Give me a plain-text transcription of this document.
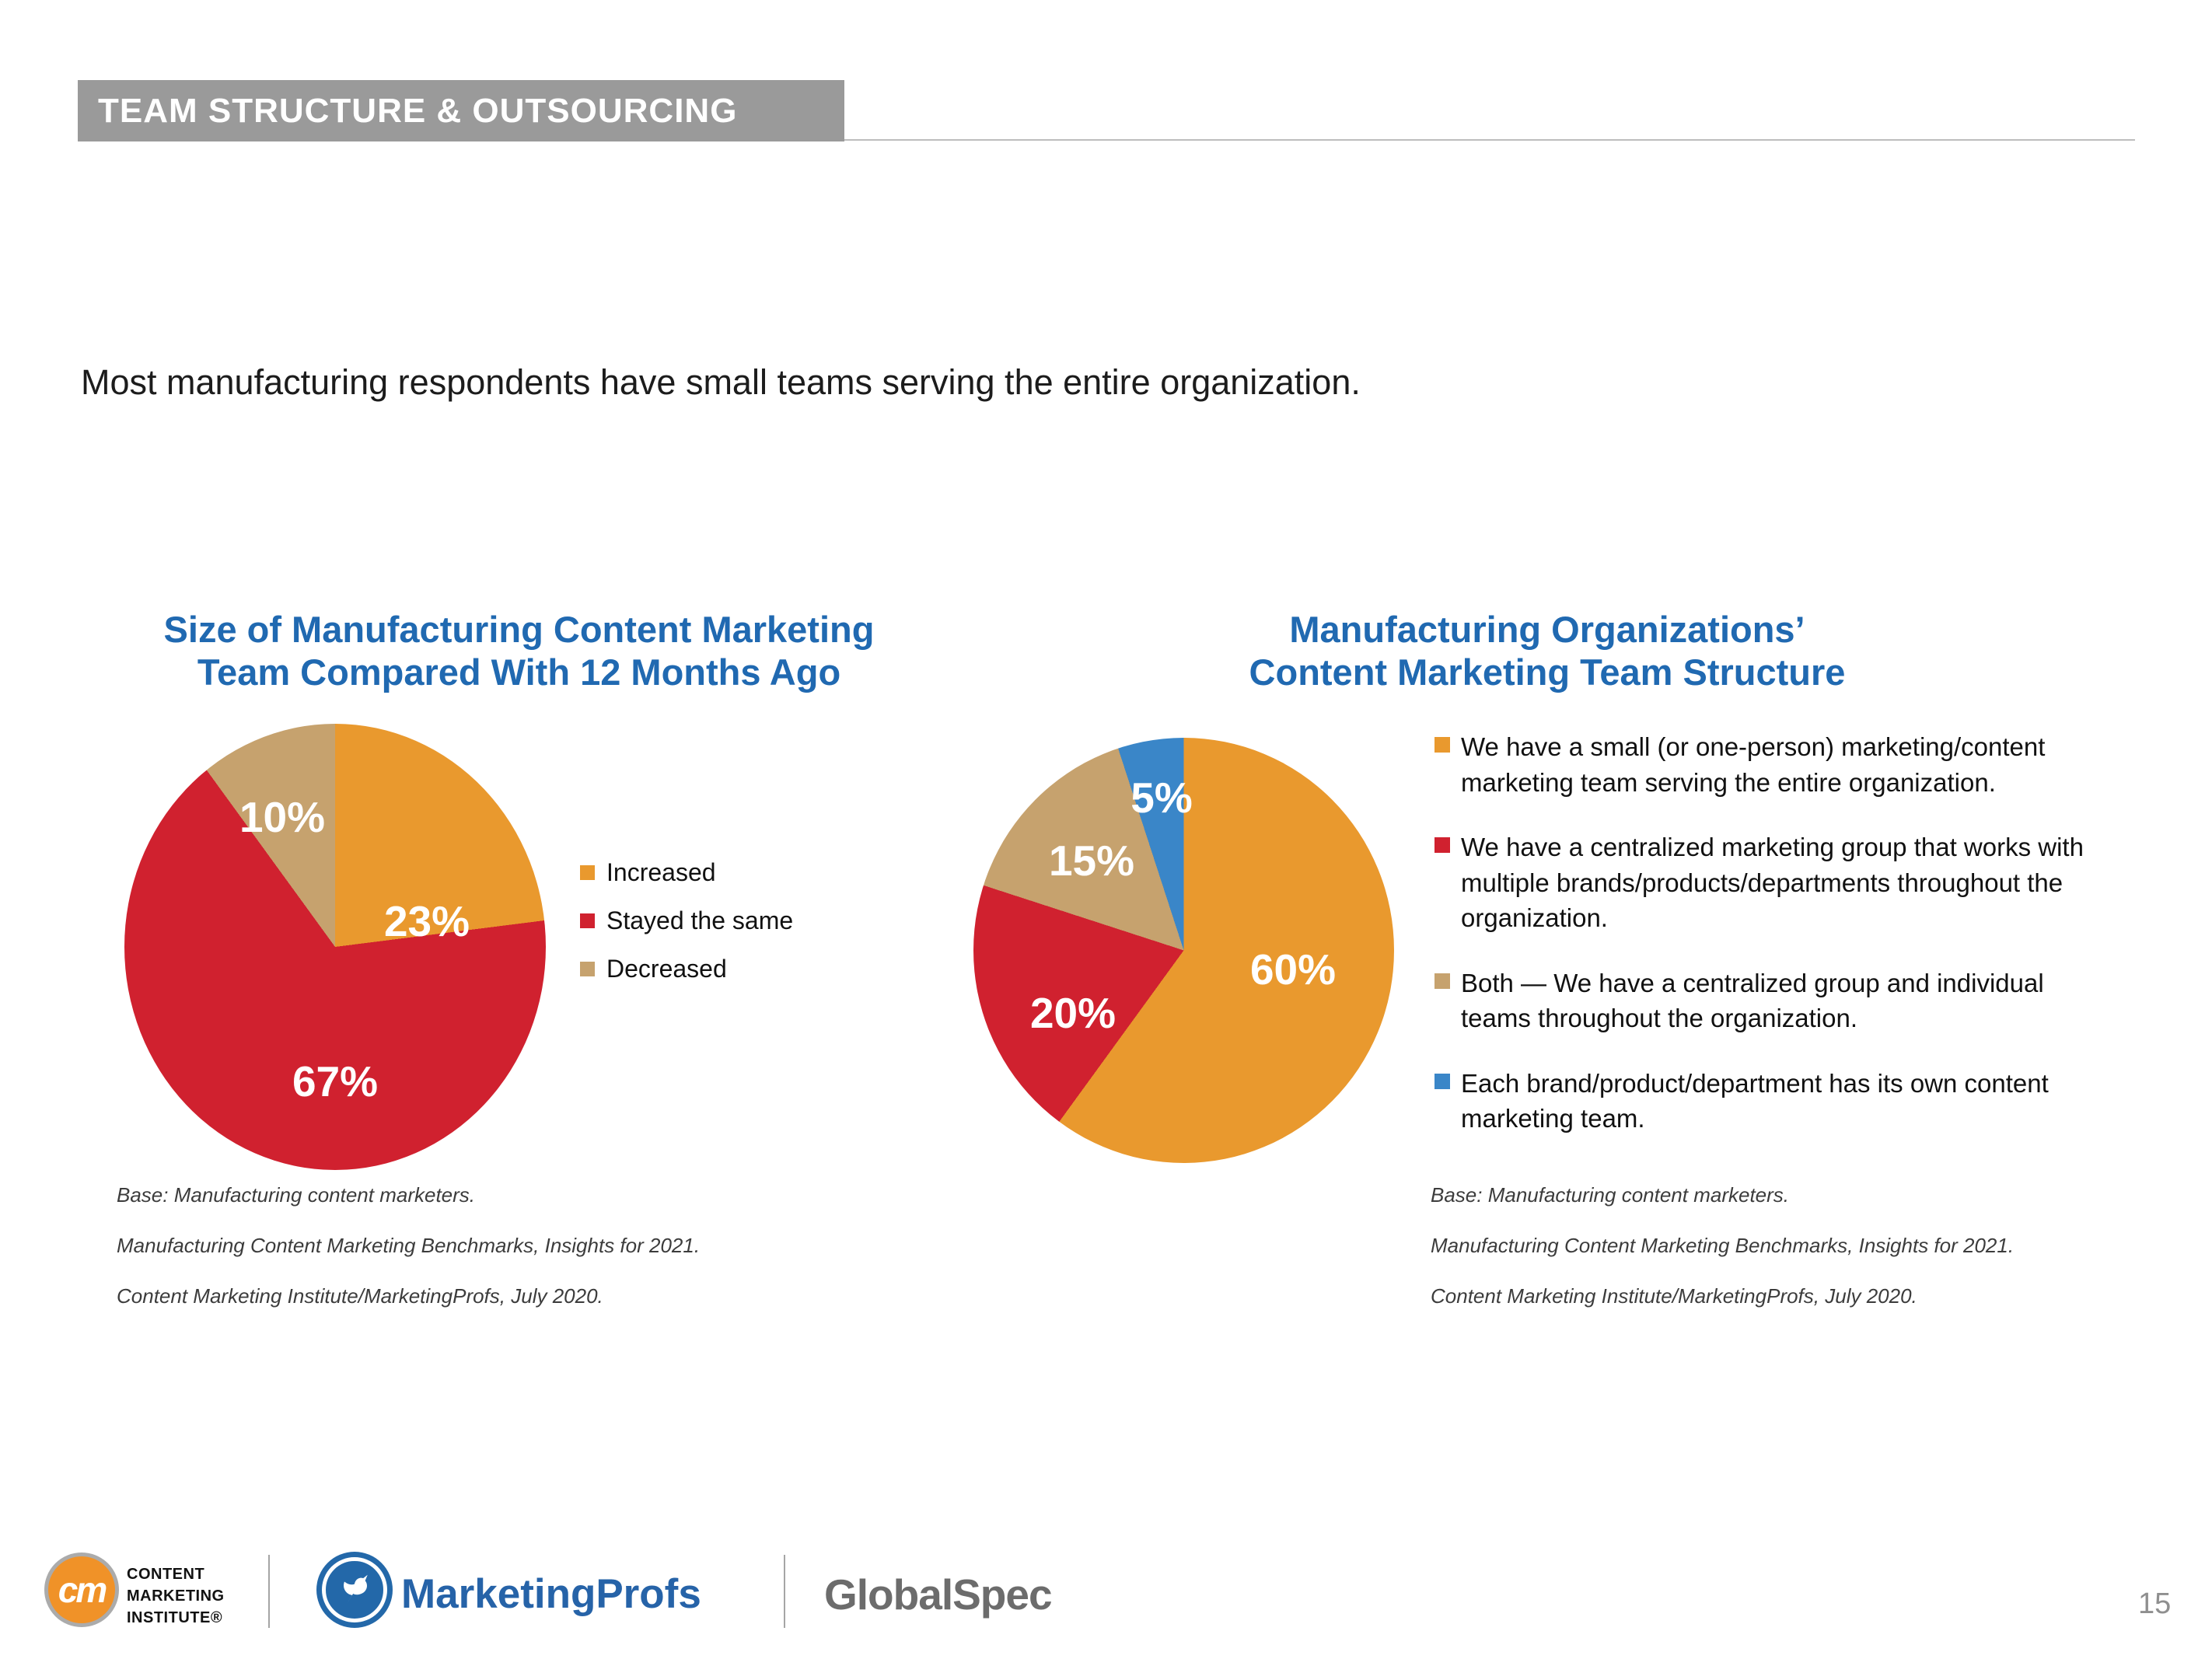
TEAM STRUCTURE & OUTSOURCING
Most manufacturing respondents have small teams serving the entire organization.
Size of Manufacturing Content Marketing
Team Compared With 12 Months Ago
10%
23%
67%
Increased
Stayed the same
Decreased
Base: Manufacturing content marketers.
Manufacturing Content Marketing Benchmarks, Insights for 2021.
Content Marketing Institute/MarketingProfs, July 2020.
Manufacturing Organizations’
Content Marketing Team Structure
5%
15%
20%
60%
We have a small (or one-person) marketing/content marketing team serving the entire organization.
We have a centralized marketing group that works with multiple brands/products/departments throughout the organization.
Both — We have a centralized group and individual teams throughout the organization.
Each brand/product/department has its own content marketing team.
Base: Manufacturing content marketers.
Manufacturing Content Marketing Benchmarks, Insights for 2021.
Content Marketing Institute/MarketingProfs, July 2020.
cm CONTENT
MARKETING
INSTITUTE®
MarketingProfs	GlobalSpec	15
